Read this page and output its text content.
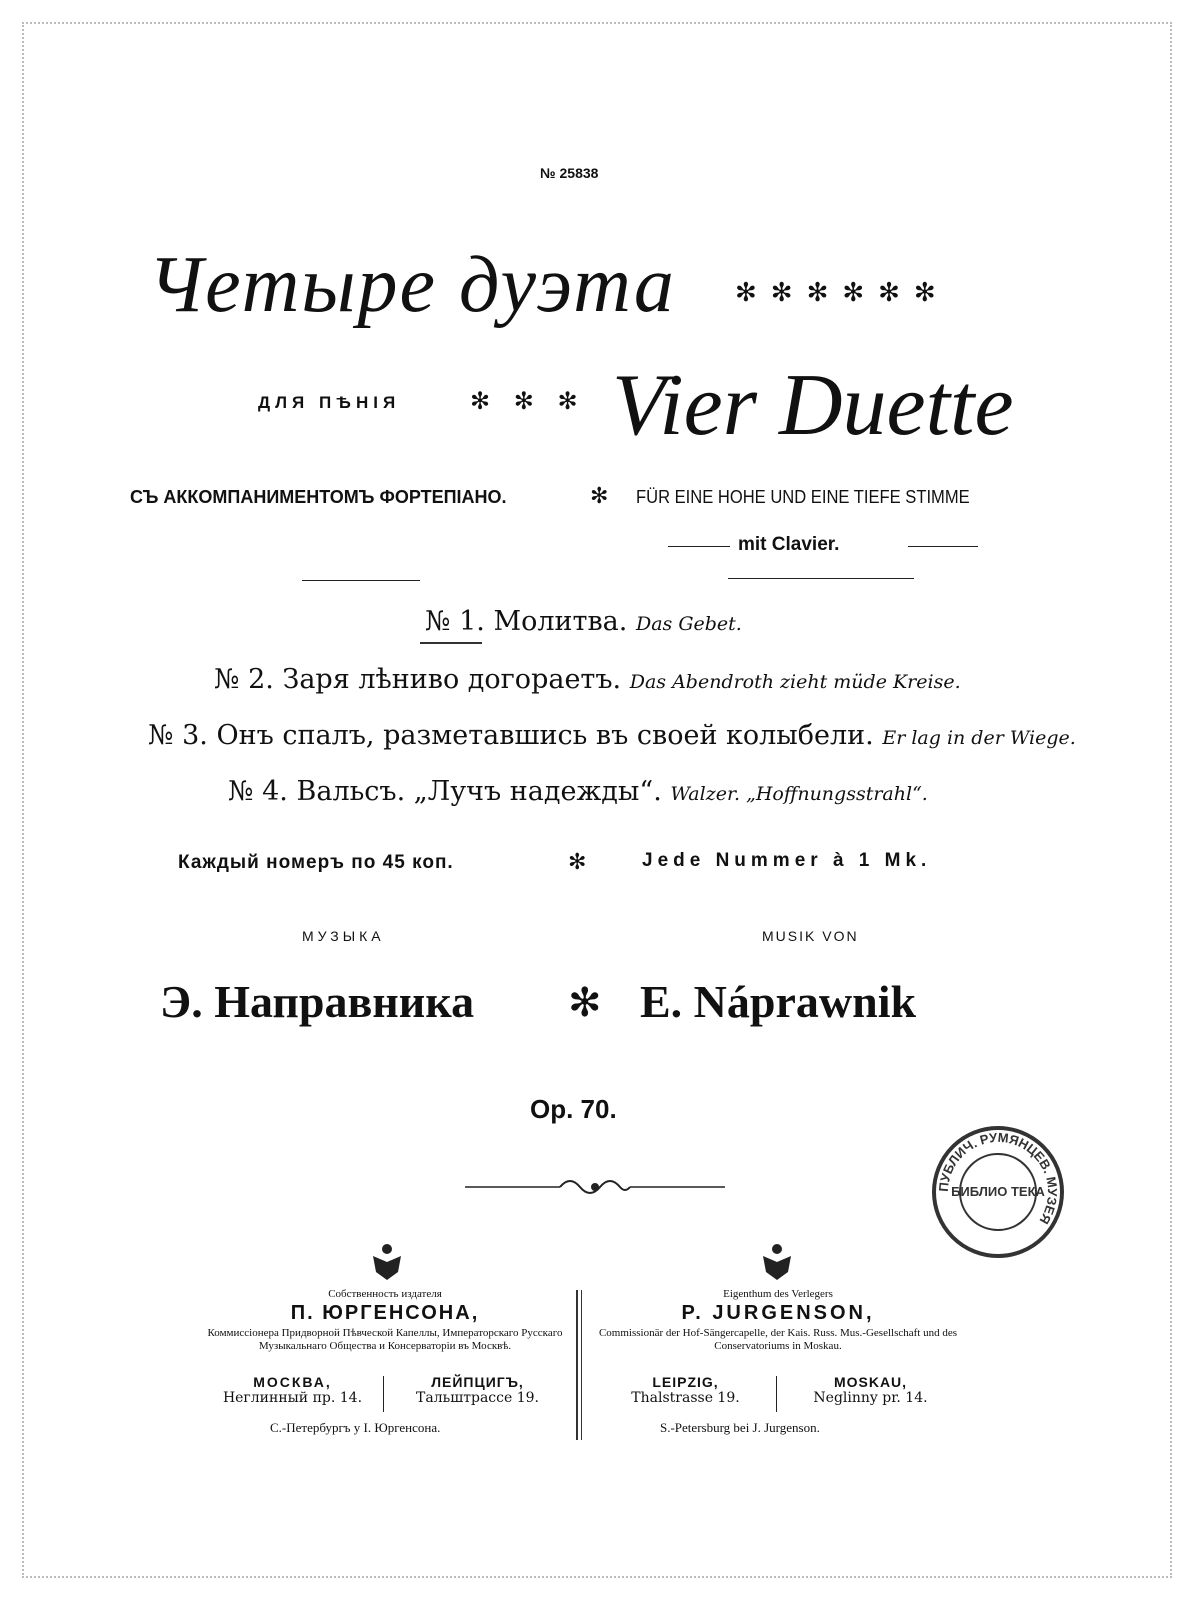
№ 25838
Четыре дуэта ✻✻✻✻✻✻
ДЛЯ ПѢНІЯ	✻ ✻ ✻ Vier Duette
СЪ АККОМПАНИМЕНТОМЪ ФОРТЕПІАНО.	✻ FÜR EINE HOHE UND EINE TIEFE STIMME
mit Clavier.
№ 1. Молитва. Das Gebet.
№ 2. Заря лѣниво догораетъ. Das Abendroth zieht müde Kreise.
№ 3. Онъ спалъ, разметавшись въ своей колыбели. Er lag in der Wiege.
№ 4. Вальсъ. „Лучъ надежды“. Walzer. „Hoffnungsstrahl“.
Каждый номеръ по 45 коп.	✻	Jede Nummer à 1 Mk.
МУЗЫКА	MUSIK VON
Э. Направника ✻ E. Náprawnik
Op. 70.
ПУБЛИЧ. РУМЯНЦЕВ. МУЗЕЯ
БИБЛИО ТЕКА
Собственность издателя
П. ЮРГЕНСОНА,
Коммиссіонера Придворной Пѣвческой Капеллы, Императорскаго Русскаго Музыкальнаго Общества и Консерваторіи въ Москвѣ.
МОСКВА,
Неглинный пр. 14.
ЛЕЙПЦИГЪ,
Тальштрассе 19.
С.-Петербургъ у I. Юргенсона.
Eigenthum des Verlegers
P. JURGENSON,
Commissionär der Hof-Sängercapelle, der Kais. Russ. Mus.-Gesellschaft und des Conservatoriums in Moskau.
LEIPZIG,
Thalstrasse 19.
MOSKAU,
Neglinny pr. 14.
S.-Petersburg bei J. Jurgenson.
